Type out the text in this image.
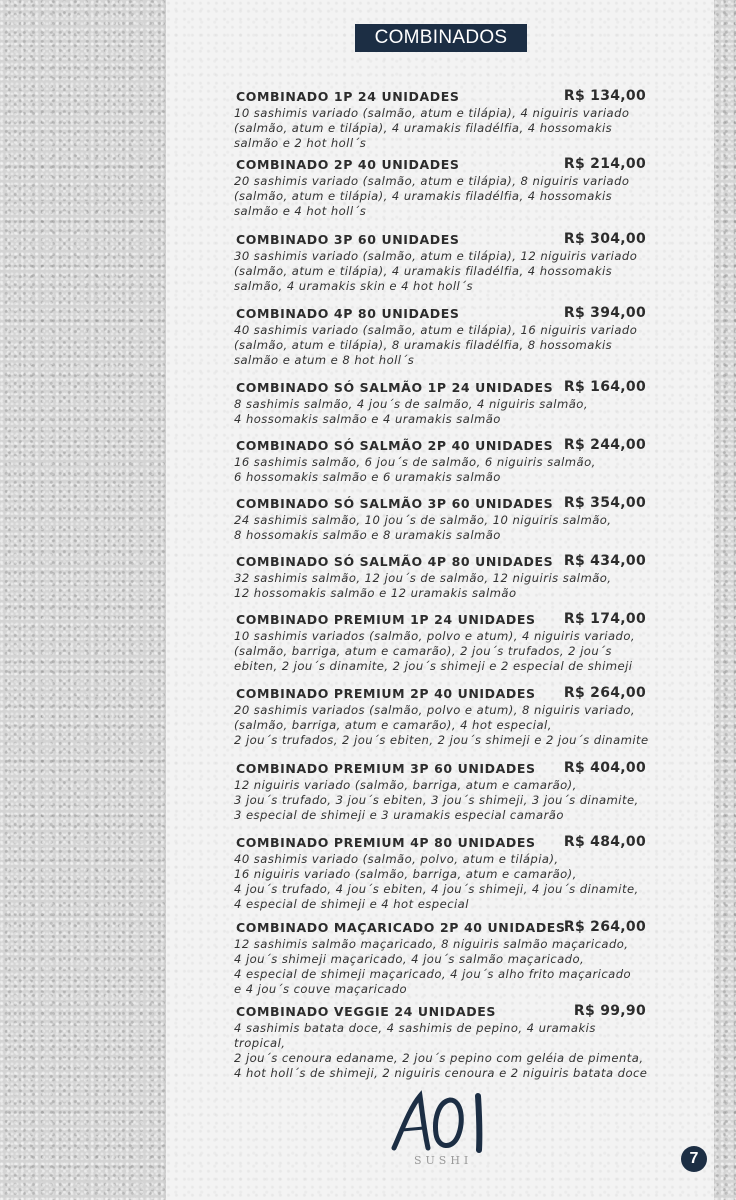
COMBINADOS
COMBINADO 1P 24 UNIDADES	R$ 134,00
10 sashimis variado (salmão, atum e tilápia), 4 niguiris variado
(salmão, atum e tilápia), 4 uramakis filadélfia, 4 hossomakis
salmão e 2 hot holl´s
COMBINADO 2P 40 UNIDADES	R$ 214,00
20 sashimis variado (salmão, atum e tilápia), 8 niguiris variado
(salmão, atum e tilápia), 4 uramakis filadélfia, 4 hossomakis
salmão e 4 hot holl´s
COMBINADO 3P 60 UNIDADES	R$ 304,00
30 sashimis variado (salmão, atum e tilápia), 12 niguiris variado
(salmão, atum e tilápia), 4 uramakis filadélfia, 4 hossomakis
salmão, 4 uramakis skin e 4 hot holl´s
COMBINADO 4P 80 UNIDADES	R$ 394,00
40 sashimis variado (salmão, atum e tilápia), 16 niguiris variado
(salmão, atum e tilápia), 8 uramakis filadélfia, 8 hossomakis
salmão e atum e 8 hot holl´s
COMBINADO SÓ SALMÃO 1P 24 UNIDADES R$ 164,00
8 sashimis salmão, 4 jou´s de salmão, 4 niguiris salmão,
4 hossomakis salmão e 4 uramakis salmão
COMBINADO SÓ SALMÃO 2P 40 UNIDADES R$ 244,00
16 sashimis salmão, 6 jou´s de salmão, 6 niguiris salmão,
6 hossomakis salmão e 6 uramakis salmão
COMBINADO SÓ SALMÃO 3P 60 UNIDADES R$ 354,00
24 sashimis salmão, 10 jou´s de salmão, 10 niguiris salmão,
8 hossomakis salmão e 8 uramakis salmão
COMBINADO SÓ SALMÃO 4P 80 UNIDADES R$ 434,00
32 sashimis salmão, 12 jou´s de salmão, 12 niguiris salmão,
12 hossomakis salmão e 12 uramakis salmão
COMBINADO PREMIUM 1P 24 UNIDADES R$ 174,00
10 sashimis variados (salmão, polvo e atum), 4 niguiris variado,
(salmão, barriga, atum e camarão), 2 jou´s trufados, 2 jou´s
ebiten, 2 jou´s dinamite, 2 jou´s shimeji e 2 especial de shimeji
COMBINADO PREMIUM 2P 40 UNIDADES R$ 264,00
20 sashimis variados (salmão, polvo e atum), 8 niguiris variado,
(salmão, barriga, atum e camarão), 4 hot especial,
2 jou´s trufados, 2 jou´s ebiten, 2 jou´s shimeji e 2 jou´s dinamite
COMBINADO PREMIUM 3P 60 UNIDADES R$ 404,00
12 niguiris variado (salmão, barriga, atum e camarão),
3 jou´s trufado, 3 jou´s ebiten, 3 jou´s shimeji, 3 jou´s dinamite,
3 especial de shimeji e 3 uramakis especial camarão
COMBINADO PREMIUM 4P 80 UNIDADES R$ 484,00
40 sashimis variado (salmão, polvo, atum e tilápia),
16 niguiris variado (salmão, barriga, atum e camarão),
4 jou´s trufado, 4 jou´s ebiten, 4 jou´s shimeji, 4 jou´s dinamite,
4 especial de shimeji e 4 hot especial
COMBINADO MAÇARICADO 2P 40 UNIDADES
R$ 264,00
12 sashimis salmão maçaricado, 8 niguiris salmão maçaricado,
4 jou´s shimeji maçaricado, 4 jou´s salmão maçaricado,
4 especial de shimeji maçaricado, 4 jou´s alho frito maçaricado
e 4 jou´s couve maçaricado
COMBINADO VEGGIE 24 UNIDADES	R$ 99,90
4 sashimis batata doce, 4 sashimis de pepino, 4 uramakis tropical,
2 jou´s cenoura edaname, 2 jou´s pepino com geléia de pimenta,
4 hot holl´s de shimeji, 2 niguiris cenoura e 2 niguiris batata doce
SUSHI	7
